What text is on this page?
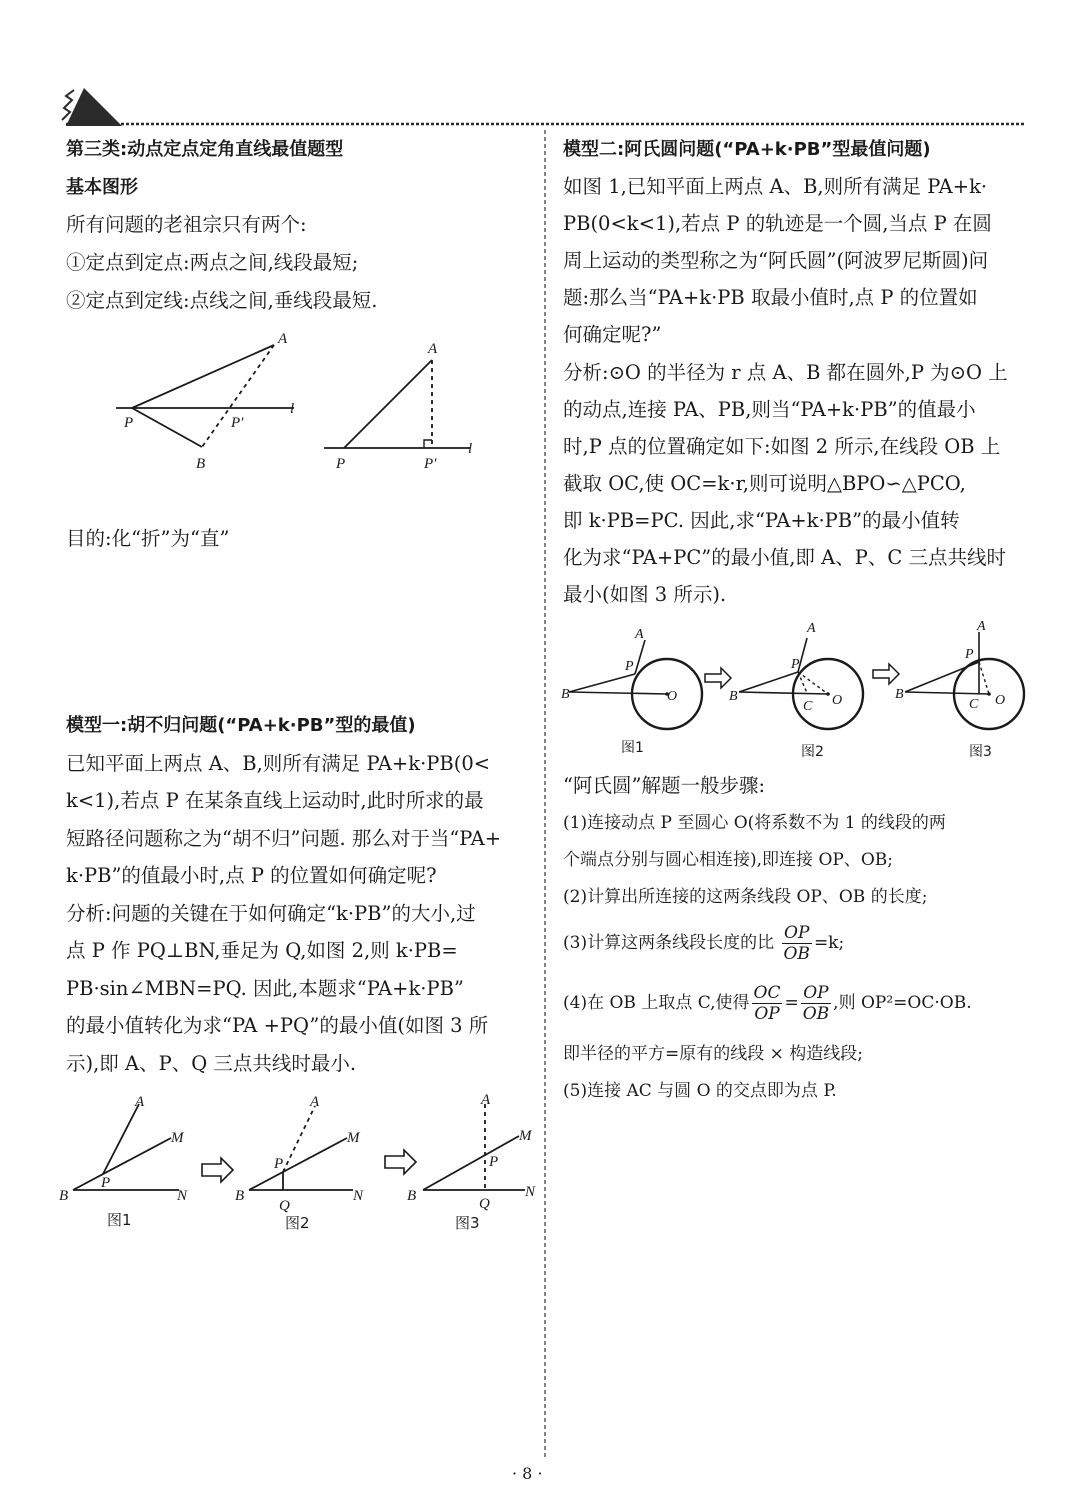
第三类:动点定点定角直线最值题型
基本图形
所有问题的老祖宗只有两个:
①定点到定点:两点之间,线段最短;
②定点到定线:点线之间,垂线段最短.
A
P	P′
l
B
A
P	P′
l
目的:化“折”为“直”
模型一:胡不归问题(“PA+k·PB”型的最值)
已知平面上两点 A、B,则所有满足 PA+k·PB(0<
k<1),若点 P 在某条直线上运动时,此时所求的最
短路径问题称之为“胡不归”问题. 那么对于当“PA+
k·PB”的值最小时,点 P 的位置如何确定呢?
分析:问题的关键在于如何确定“k·PB”的大小,过
点 P 作 PQ⊥BN,垂足为 Q,如图 2,则 k·PB=
PB·sin∠MBN=PQ. 因此,本题求“PA+k·PB”
的最小值转化为求“PA +PQ”的最小值(如图 3 所
示),即 A、P、Q 三点共线时最小.
A
M
B
P
N
图1
A
M
B
P
Q
N
图2
A
M
B
P
Q
N
图3
模型二:阿氏圆问题(“PA+k·PB”型最值问题)
如图 1,已知平面上两点 A、B,则所有满足 PA+k·
PB(0<k<1),若点 P 的轨迹是一个圆,当点 P 在圆
周上运动的类型称之为“阿氏圆”(阿波罗尼斯圆)问
题:那么当“PA+k·PB 取最小值时,点 P 的位置如
何确定呢?”
分析:⊙O 的半径为 r 点 A、B 都在圆外,P 为⊙O 上
的动点,连接 PA、PB,则当“PA+k·PB”的值最小
时,P 点的位置确定如下:如图 2 所示,在线段 OB 上
截取 OC,使 OC=k·r,则可说明△BPO∽△PCO,
即 k·PB=PC. 因此,求“PA+k·PB”的最小值转
化为求“PA+PC”的最小值,即 A、P、C 三点共线时
最小(如图 3 所示).
A
P
B	O
图1
A
P
B
C O
图2
A
P
B
C O
图3
“阿氏圆”解题一般步骤:
(1)连接动点 P 至圆心 O(将系数不为 1 的线段的两
个端点分别与圆心相连接),即连接 OP、OB;
(2)计算出所连接的这两条线段 OP、OB 的长度;
(3)计算这两条线段长度的比 $\frac{OP}{OB} =k$;
(4)在 OB 上取点 C,使得 $\frac{OC}{OP} = \frac{OP}{OB}$ ,则 OP²=OC·OB.
即半径的平方=原有的线段 × 构造线段;
(5)连接 AC 与圆 O 的交点即为点 P.
· 8 ·
